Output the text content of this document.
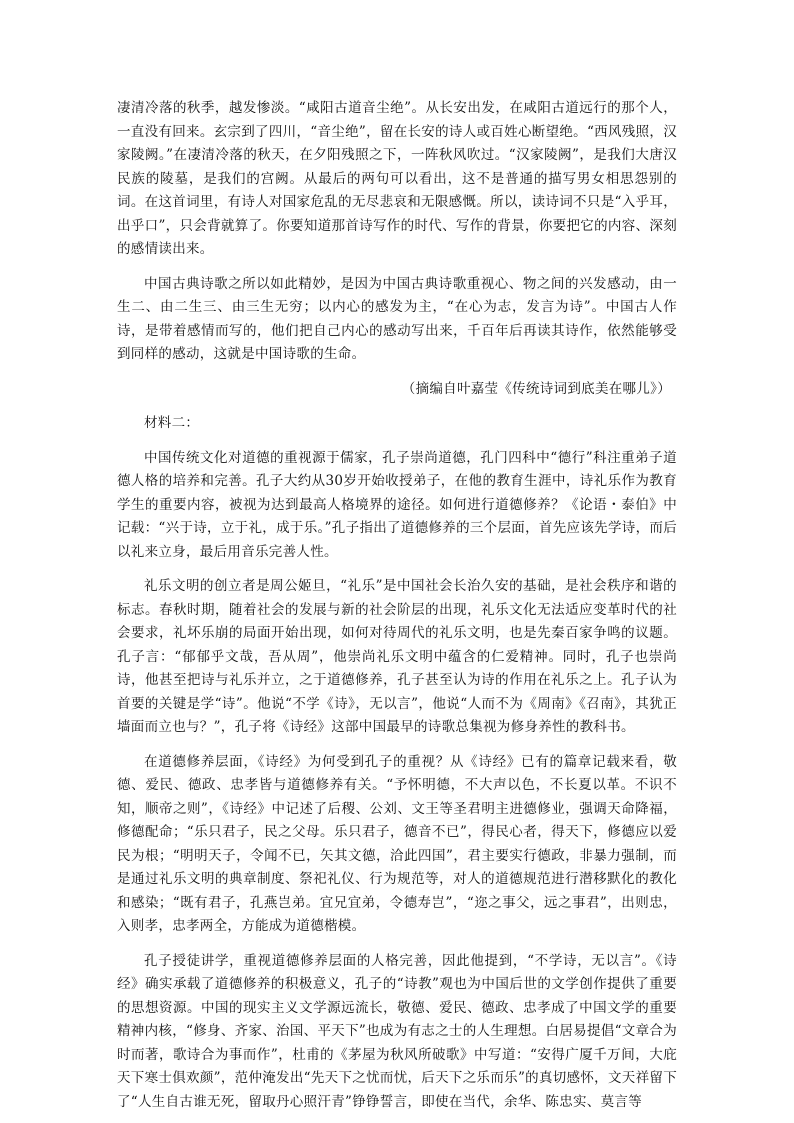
凄清冷落的秋季，越发惨淡。“咸阳古道音尘绝”。从长安出发，在咸阳古道远行的那个人，一直没有回来。玄宗到了四川，“音尘绝”，留在长安的诗人或百姓心断望绝。“西风残照，汉家陵阙。”在凄清冷落的秋天，在夕阳残照之下，一阵秋风吹过。“汉家陵阙”，是我们大唐汉民族的陵墓，是我们的宫阙。从最后的两句可以看出，这不是普通的描写男女相思怨别的词。在这首词里，有诗人对国家危乱的无尽悲哀和无限感慨。所以，读诗词不只是“入乎耳，出乎口”，只会背就算了。你要知道那首诗写作的时代、写作的背景，你要把它的内容、深刻的感情读出来。

中国古典诗歌之所以如此精妙，是因为中国古典诗歌重视心、物之间的兴发感动，由一生二、由二生三、由三生无穷；以内心的感发为主，“在心为志，发言为诗”。中国古人作诗，是带着感情而写的，他们把自己内心的感动写出来，千百年后再读其诗作，依然能够受到同样的感动，这就是中国诗歌的生命。

（摘编自叶嘉莹《传统诗词到底美在哪儿》）

材料二：

中国传统文化对道德的重视源于儒家，孔子崇尚道德，孔门四科中“德行”科注重弟子道德人格的培养和完善。孔子大约从30岁开始收授弟子，在他的教育生涯中，诗礼乐作为教育学生的重要内容，被视为达到最高人格境界的途径。如何进行道德修养？《论语・泰伯》中记载：“兴于诗，立于礼，成于乐。”孔子指出了道德修养的三个层面，首先应该先学诗，而后以礼来立身，最后用音乐完善人性。

礼乐文明的创立者是周公姬旦，“礼乐”是中国社会长治久安的基础，是社会秩序和谐的标志。春秋时期，随着社会的发展与新的社会阶层的出现，礼乐文化无法适应变革时代的社会要求，礼坏乐崩的局面开始出现，如何对待周代的礼乐文明，也是先秦百家争鸣的议题。孔子言：“郁郁乎文哉，吾从周”，他崇尚礼乐文明中蕴含的仁爱精神。同时，孔子也崇尚诗，他甚至把诗与礼乐并立，之于道德修养，孔子甚至认为诗的作用在礼乐之上。孔子认为首要的关键是学“诗”。他说“不学《诗》，无以言”，他说“人而不为《周南》《召南》，其犹正墙面而立也与？”，孔子将《诗经》这部中国最早的诗歌总集视为修身养性的教科书。

在道德修养层面，《诗经》为何受到孔子的重视？从《诗经》已有的篇章记载来看，敬德、爱民、德政、忠孝皆与道德修养有关。“予怀明德，不大声以色，不长夏以革。不识不知，顺帝之则”，《诗经》中记述了后稷、公刘、文王等圣君明主进德修业，强调天命降福，修德配命；“乐只君子，民之父母。乐只君子，德音不已”，得民心者，得天下，修德应以爱民为根；“明明天子，令闻不已，矢其文德，洽此四国”，君主要实行德政，非暴力强制，而是通过礼乐文明的典章制度、祭祀礼仪、行为规范等，对人的道德规范进行潜移默化的教化和感染；“既有君子，孔燕岂弟。宜兄宜弟，令德寿岂”，“迩之事父，远之事君”，出则忠，入则孝，忠孝两全，方能成为道德楷模。

孔子授徒讲学，重视道德修养层面的人格完善，因此他提到，“不学诗，无以言”。《诗经》确实承载了道德修养的积极意义，孔子的“诗教”观也为中国后世的文学创作提供了重要的思想资源。中国的现实主义文学源远流长，敬德、爱民、德政、忠孝成了中国文学的重要精神内核，“修身、齐家、治国、平天下”也成为有志之士的人生理想。白居易提倡“文章合为时而著，歌诗合为事而作”，杜甫的《茅屋为秋风所破歌》中写道：“安得广厦千万间，大庇天下寒士俱欢颜”，范仲淹发出“先天下之忧而忧，后天下之乐而乐”的真切感怀，文天祥留下了“人生自古谁无死，留取丹心照汗青”铮铮誓言，即使在当代，余华、陈忠实、莫言等
